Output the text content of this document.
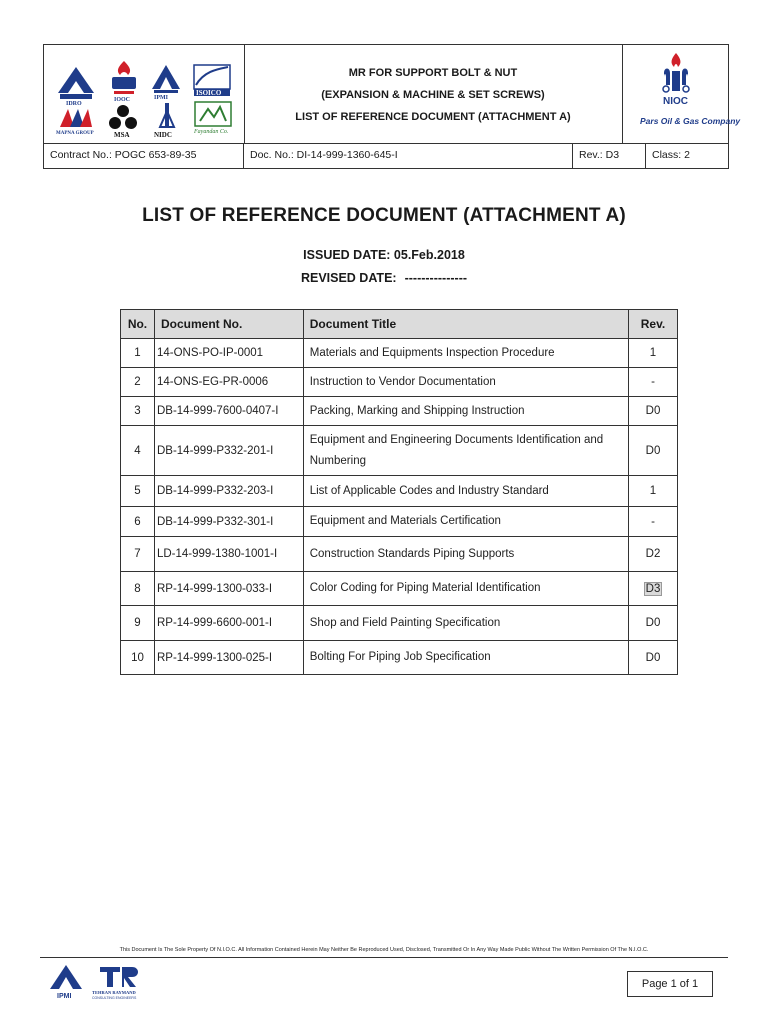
IDRO
IOOC	IPMI
ISOICO
MAPNA GROUP	MSA	NIDC	Fayandan Co.
MR FOR SUPPORT BOLT & NUT
(EXPANSION & MACHINE & SET SCREWS)
LIST OF REFERENCE DOCUMENT (ATTACHMENT A)
NIOC
Pars Oil & Gas Company
Contract No.: POGC 653-89-35	Doc. No.: DI-14-999-1360-645-I	Rev.: D3	Class: 2
LIST OF REFERENCE DOCUMENT (ATTACHMENT A)
ISSUED DATE: 05.Feb.2018
REVISED DATE: ---------------
No.	Document No.	Document Title	Rev.
1	14-ONS-PO-IP-0001	Materials and Equipments Inspection Procedure	1
2	14-ONS-EG-PR-0006	Instruction to Vendor Documentation	-
3	DB-14-999-7600-0407-I	Packing, Marking and Shipping Instruction	D0
4	DB-14-999-P332-201-I	Equipment and Engineering Documents Identification and Numbering	D0
5	DB-14-999-P332-203-I	List of Applicable Codes and Industry Standard	1
6	DB-14-999-P332-301-I	Equipment and Materials Certification	-
7	LD-14-999-1380-1001-I	Construction Standards Piping Supports	D2
8	RP-14-999-1300-033-I	Color Coding for Piping Material Identification	D3
9	RP-14-999-6600-001-I	Shop and Field Painting Specification	D0
10	RP-14-999-1300-025-I	Bolting For Piping Job Specification	D0
This Document Is The Sole Property Of N.I.O.C. All Information Contained Herein May Neither Be Reproduced Used, Disclosed, Transmitted Or In Any Way Made Public Without The Written Permission Of The N.I.O.C.
IPMI
TEHRAN RAYMAND
CONSULTING ENGINEERS
Page 1 of 1
